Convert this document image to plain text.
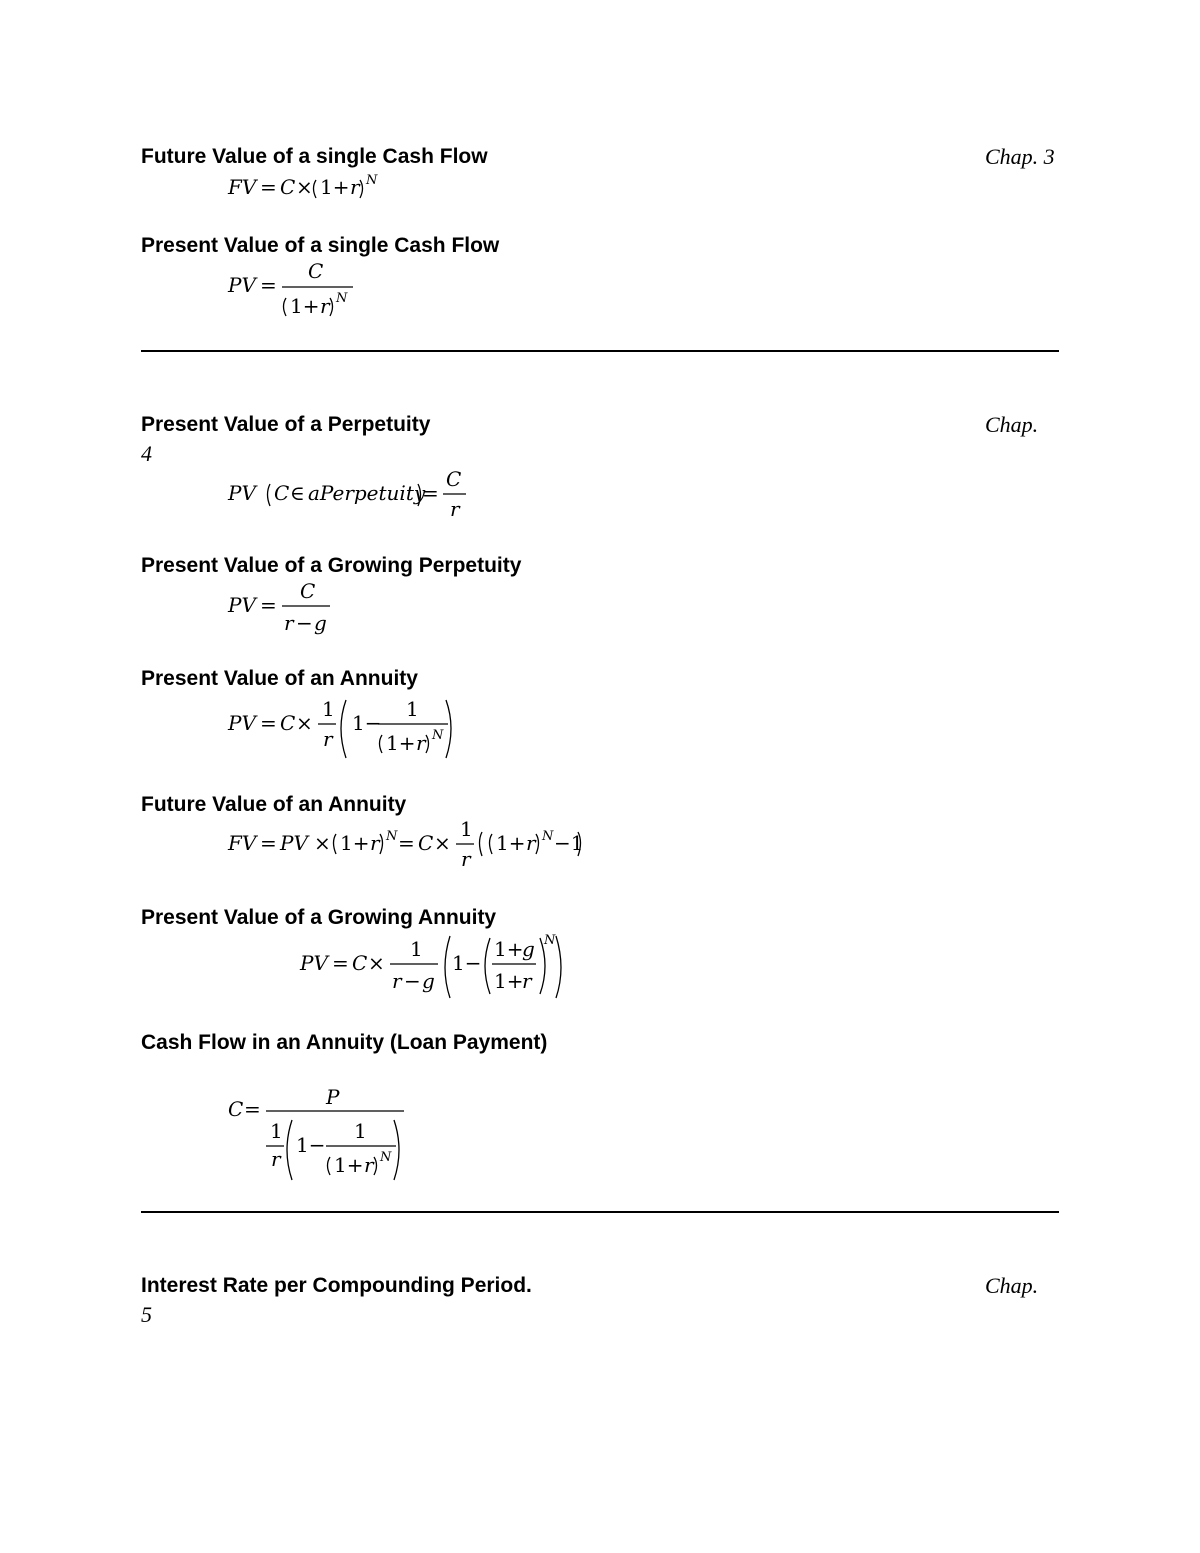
Future Value of a single Cash Flow	Chap. 3
FV = C × 1+ r N
Present Value of a single Cash Flow
PV =
C
1+ r N
Present Value of a Perpetuity	Chap.
4
PV C ∈ aPerpetuity
=
C
r
Present Value of a Growing Perpetuity
PV =
C
r − g
Present Value of an Annuity
PV = C ×
1
r
1−
1
1+ r N
Future Value of an Annuity
FV = PV × 1+ r N = C ×
1
r
1+ r N −1
Present Value of a Growing Annuity
PV = C ×
1
r − g
1−
1+
g
1+
r
N
Cash Flow in an Annuity (Loan Payment)
C =	P
1
r
1−
1
1+ r N
Interest Rate per Compounding Period.	Chap.
5
